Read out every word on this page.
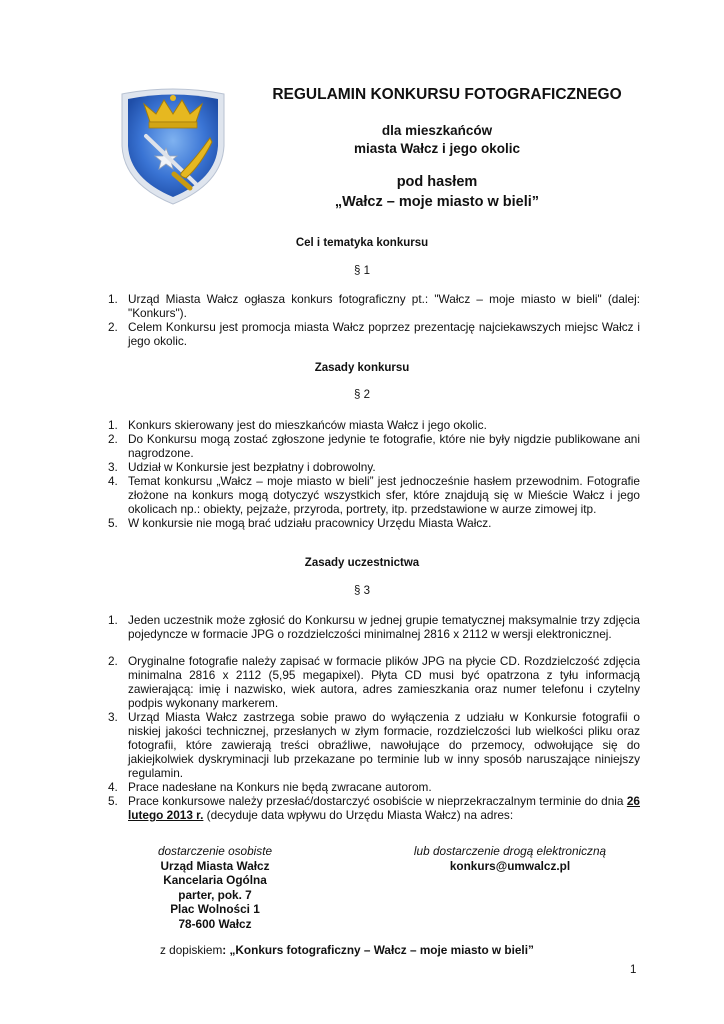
REGULAMIN KONKURSU FOTOGRAFICZNEGO
dla mieszkańców
miasta Wałcz i jego okolic
pod hasłem
„Wałcz – moje miasto w bieli”
Cel i tematyka konkursu
§ 1
1. Urząd Miasta Wałcz ogłasza konkurs fotograficzny pt.: "Wałcz – moje miasto w bieli" (dalej: "Konkurs").
2. Celem Konkursu jest promocja miasta Wałcz poprzez prezentację najciekawszych miejsc Wałcz i jego okolic.
Zasady konkursu
§ 2
1. Konkurs skierowany jest do mieszkańców miasta Wałcz i jego okolic.
2. Do Konkursu mogą zostać zgłoszone jedynie te fotografie, które nie były nigdzie publikowane ani nagrodzone.
3. Udział w Konkursie jest bezpłatny i dobrowolny.
4. Temat konkursu „Wałcz – moje miasto w bieli” jest jednocześnie hasłem przewodnim. Fotografie złożone na konkurs mogą dotyczyć wszystkich sfer, które znajdują się w Mieście Wałcz i jego okolicach np.: obiekty, pejzaże, przyroda, portrety, itp. przedstawione w aurze zimowej itp.
5. W konkursie nie mogą brać udziału pracownicy Urzędu Miasta Wałcz.
Zasady uczestnictwa
§ 3
1. Jeden uczestnik może zgłosić do Konkursu w jednej grupie tematycznej maksymalnie trzy zdjęcia pojedyncze w formacie JPG o rozdzielczości minimalnej 2816 x 2112 w wersji elektronicznej.
2. Oryginalne fotografie należy zapisać w formacie plików JPG na płycie CD. Rozdzielczość zdjęcia minimalna 2816 x 2112 (5,95 megapixel). Płyta CD musi być opatrzona z tyłu informacją zawierającą: imię i nazwisko, wiek autora, adres zamieszkania oraz numer telefonu i czytelny podpis wykonany markerem.
3. Urząd Miasta Wałcz zastrzega sobie prawo do wyłączenia z udziału w Konkursie fotografii o niskiej jakości technicznej, przesłanych w złym formacie, rozdzielczości lub wielkości pliku oraz fotografii, które zawierają treści obraźliwe, nawołujące do przemocy, odwołujące się do jakiejkolwiek dyskryminacji lub przekazane po terminie lub w inny sposób naruszające niniejszy regulamin.
4. Prace nadesłane na Konkurs nie będą zwracane autorom.
5. Prace konkursowe należy przesłać/dostarczyć osobiście w nieprzekraczalnym terminie do dnia 26 lutego 2013 r. (decyduje data wpływu do Urzędu Miasta Wałcz) na adres:
dostarczenie osobiste
Urząd Miasta Wałcz
Kancelaria Ogólna
parter, pok. 7
Plac Wolności 1
78-600 Wałcz
lub dostarczenie drogą elektroniczną
konkurs@umwalcz.pl
z dopiskiem: „Konkurs fotograficzny – Wałcz – moje miasto w bieli”
1
